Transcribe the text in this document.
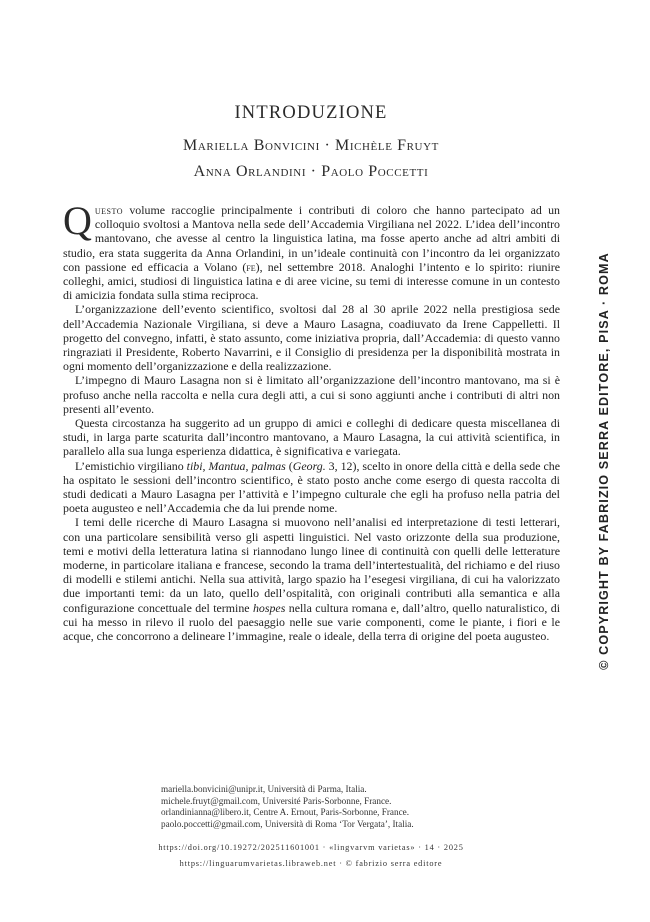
INTRODUZIONE
Mariella Bonvicini · Michèle Fruyt
Anna Orlandini · Paolo Poccetti

Questo volume raccoglie principalmente i contributi di coloro che hanno partecipato ad un colloquio svoltosi a Mantova nella sede dell’Accademia Virgiliana nel 2022. L’idea dell’incontro mantovano, che avesse al centro la linguistica latina, ma fosse aperto anche ad altri ambiti di studio, era stata suggerita da Anna Orlandini, in un’ideale continuità con l’incontro da lei organizzato con passione ed efficacia a Volano (fe), nel settembre 2018. Analoghi l’intento e lo spirito: riunire colleghi, amici, studiosi di linguistica latina e di aree vicine, su temi di interesse comune in un contesto di amicizia fondata sulla stima reciproca.

L’organizzazione dell’evento scientifico, svoltosi dal 28 al 30 aprile 2022 nella prestigiosa sede dell’Accademia Nazionale Virgiliana, si deve a Mauro Lasagna, coadiuvato da Irene Cappelletti. Il progetto del convegno, infatti, è stato assunto, come iniziativa propria, dall’Accademia: di questo vanno ringraziati il Presidente, Roberto Navarrini, e il Consiglio di presidenza per la disponibilità mostrata in ogni momento dell’organizzazione e della realizzazione.

L’impegno di Mauro Lasagna non si è limitato all’organizzazione dell’incontro mantovano, ma si è profuso anche nella raccolta e nella cura degli atti, a cui si sono aggiunti anche i contributi di altri non presenti all’evento.

Questa circostanza ha suggerito ad un gruppo di amici e colleghi di dedicare questa miscellanea di studi, in larga parte scaturita dall’incontro mantovano, a Mauro Lasagna, la cui attività scientifica, in parallelo alla sua lunga esperienza didattica, è significativa e variegata.

L’emistichio virgiliano tibi, Mantua, palmas (Georg. 3, 12), scelto in onore della città e della sede che ha ospitato le sessioni dell’incontro scientifico, è stato posto anche come esergo di questa raccolta di studi dedicati a Mauro Lasagna per l’attività e l’impegno culturale che egli ha profuso nella patria del poeta augusteo e nell’Accademia che da lui prende nome.

I temi delle ricerche di Mauro Lasagna si muovono nell’analisi ed interpretazione di testi letterari, con una particolare sensibilità verso gli aspetti linguistici. Nel vasto orizzonte della sua produzione, temi e motivi della letteratura latina si riannodano lungo linee di continuità con quelli delle letterature moderne, in particolare italiana e francese, secondo la trama dell’intertestualità, del richiamo e del riuso di modelli e stilemi antichi. Nella sua attività, largo spazio ha l’esegesi virgiliana, di cui ha valorizzato due importanti temi: da un lato, quello dell’ospitalità, con originali contributi alla semantica e alla configurazione concettuale del termine hospes nella cultura romana e, dall’altro, quello naturalistico, di cui ha messo in rilevo il ruolo del paesaggio nelle sue varie componenti, come le piante, i fiori e le acque, che concorrono a delineare l’immagine, reale o ideale, della terra di origine del poeta augusteo.

mariella.bonvicini@unipr.it, Università di Parma, Italia.
michele.fruyt@gmail.com, Université Paris-Sorbonne, France.
orlandinianna@libero.it, Centre A. Ernout, Paris-Sorbonne, France.
paolo.poccetti@gmail.com, Università di Roma ‘Tor Vergata’, Italia.
https://doi.org/10.19272/202511601001 · «lingvarvm varietas» · 14 · 2025
https://linguarumvarietas.libraweb.net · © fabrizio serra editore
© COPYRIGHT BY FABRIZIO SERRA EDITORE, PISA · ROMA
